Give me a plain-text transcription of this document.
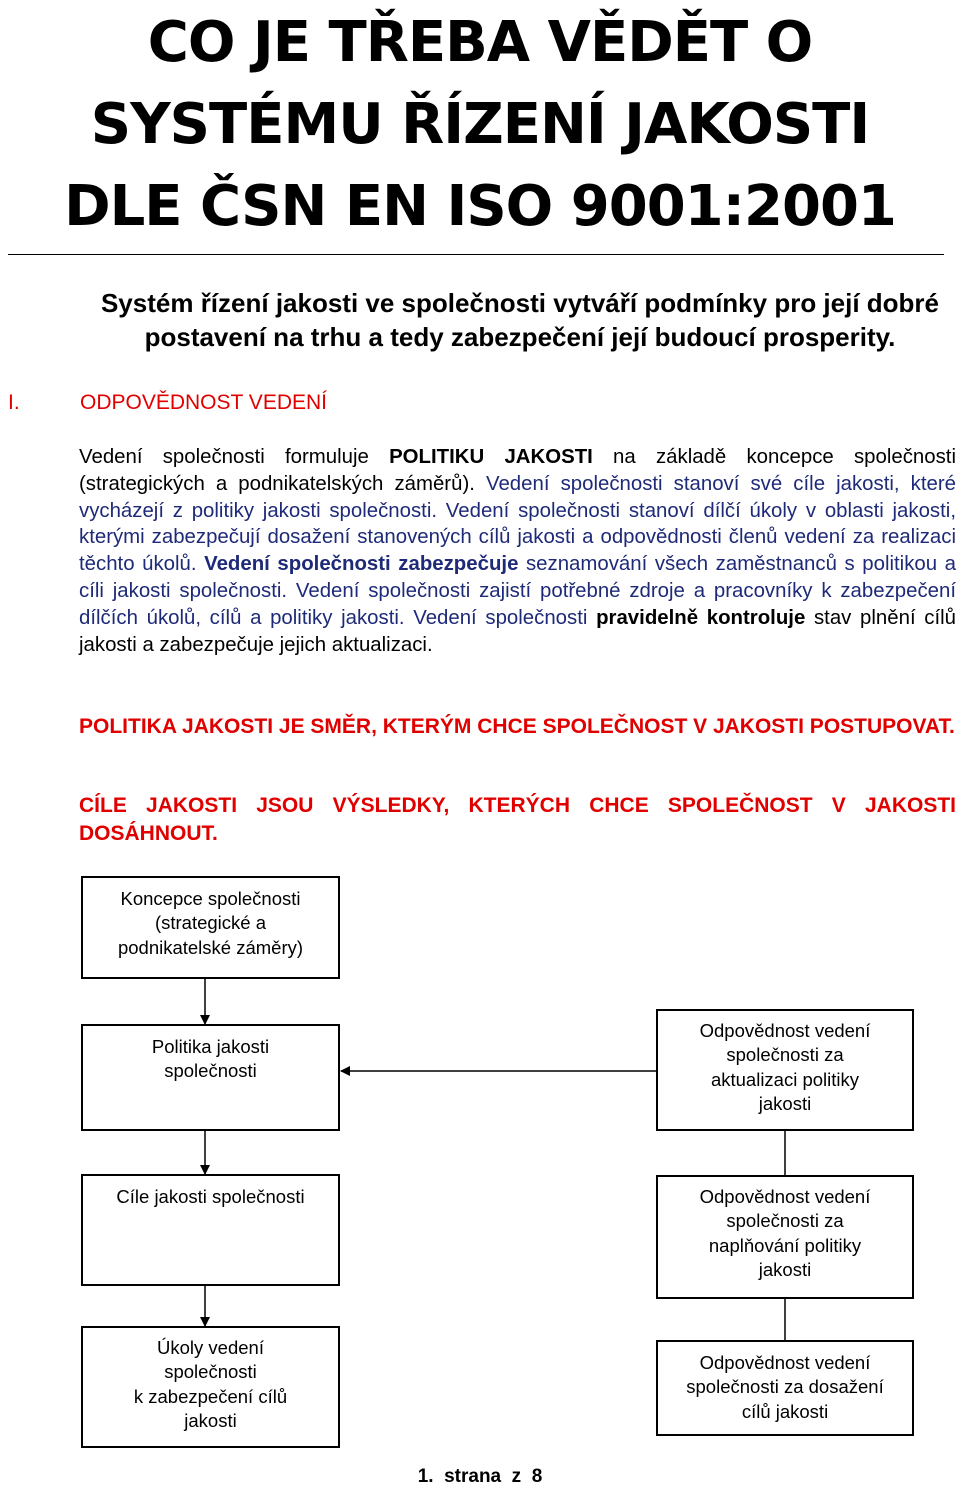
CO JE TŘEBA VĚDĚT O
SYSTÉMU ŘÍZENÍ JAKOSTI
DLE ČSN EN ISO 9001:2001
Systém řízení jakosti ve společnosti vytváří podmínky pro její dobré postavení na trhu a tedy zabezpečení její budoucí prosperity.
I.	ODPOVĚDNOST VEDENÍ
Vedení společnosti formuluje POLITIKU JAKOSTI na základě koncepce společnosti (strategických a podnikatelských záměrů). Vedení společnosti stanoví své cíle jakosti, které vycházejí z politiky jakosti společnosti. Vedení společnosti stanoví dílčí úkoly v oblasti jakosti, kterými zabezpečují dosažení stanovených cílů jakosti a odpovědnosti členů vedení za realizaci těchto úkolů. Vedení společnosti zabezpečuje seznamování všech zaměstnanců s politikou a cíli jakosti společnosti. Vedení společnosti zajistí potřebné zdroje a pracovníky k zabezpečení dílčích úkolů, cílů a politiky jakosti. Vedení společnosti pravidelně kontroluje stav plnění cílů jakosti a zabezpečuje jejich aktualizaci.
POLITIKA JAKOSTI JE SMĚR, KTERÝM CHCE SPOLEČNOST V JAKOSTI POSTUPOVAT.
CÍLE JAKOSTI JSOU VÝSLEDKY, KTERÝCH CHCE SPOLEČNOST V JAKOSTI DOSÁHNOUT.
Koncepce společnosti
(strategické a
podnikatelské záměry)
Politika jakosti
společnosti
Cíle jakosti společnosti
Úkoly vedení
společnosti
k zabezpečení cílů
jakosti
Odpovědnost vedení
společnosti za
aktualizaci politiky
jakosti
Odpovědnost vedení
společnosti za
naplňování politiky
jakosti
Odpovědnost vedení
společnosti za dosažení
cílů jakosti
1.  strana  z  8
